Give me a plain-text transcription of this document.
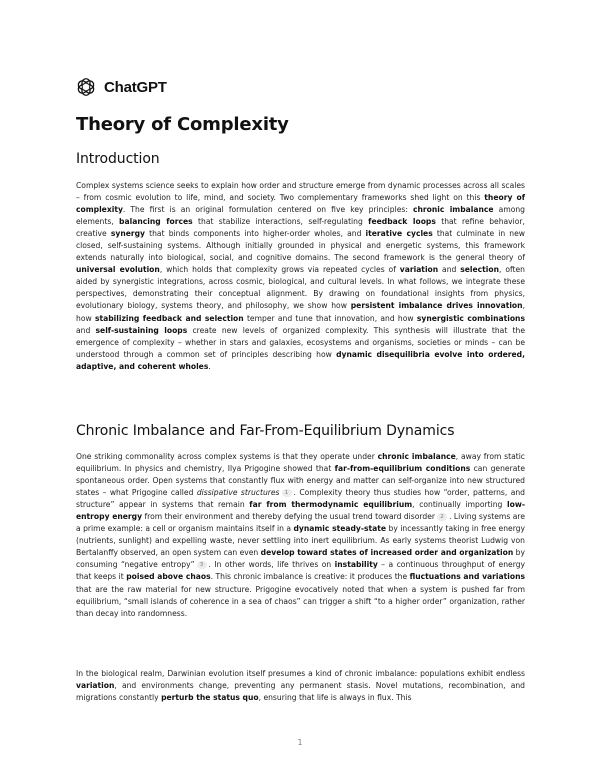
ChatGPT
Theory of Complexity
Introduction
Complex systems science seeks to explain how order and structure emerge from dynamic processes across all scales – from cosmic evolution to life, mind, and society. Two complementary frameworks shed light on this theory of complexity. The first is an original formulation centered on five key principles: chronic imbalance among elements, balancing forces that stabilize interactions, self-regulating feedback loops that refine behavior, creative synergy that binds components into higher-order wholes, and iterative cycles that culminate in new closed, self-sustaining systems. Although initially grounded in physical and energetic systems, this framework extends naturally into biological, social, and cognitive domains. The second framework is the general theory of universal evolution, which holds that complexity grows via repeated cycles of variation and selection, often aided by synergistic integrations, across cosmic, biological, and cultural levels. In what follows, we integrate these perspectives, demonstrating their conceptual alignment. By drawing on foundational insights from physics, evolutionary biology, systems theory, and philosophy, we show how persistent imbalance drives innovation, how stabilizing feedback and selection temper and tune that innovation, and how synergistic combinations and self-sustaining loops create new levels of organized complexity. This synthesis will illustrate that the emergence of complexity – whether in stars and galaxies, ecosystems and organisms, societies or minds – can be understood through a common set of principles describing how dynamic disequilibria evolve into ordered, adaptive, and coherent wholes.
Chronic Imbalance and Far-From-Equilibrium Dynamics
One striking commonality across complex systems is that they operate under chronic imbalance, away from static equilibrium. In physics and chemistry, Ilya Prigogine showed that far-from-equilibrium conditions can generate spontaneous order. Open systems that constantly flux with energy and matter can self-organize into new structured states – what Prigogine called dissipative structures 1 . Complexity theory thus studies how “order, patterns, and structure” appear in systems that remain far from thermodynamic equilibrium, continually importing low-entropy energy from their environment and thereby defying the usual trend toward disorder 2 . Living systems are a prime example: a cell or organism maintains itself in a dynamic steady-state by incessantly taking in free energy (nutrients, sunlight) and expelling waste, never settling into inert equilibrium. As early systems theorist Ludwig von Bertalanffy observed, an open system can even develop toward states of increased order and organization by consuming “negative entropy” 3 . In other words, life thrives on instability – a continuous throughput of energy that keeps it poised above chaos. This chronic imbalance is creative: it produces the fluctuations and variations that are the raw material for new structure. Prigogine evocatively noted that when a system is pushed far from equilibrium, “small islands of coherence in a sea of chaos” can trigger a shift “to a higher order” organization, rather than decay into randomness.
In the biological realm, Darwinian evolution itself presumes a kind of chronic imbalance: populations exhibit endless variation, and environments change, preventing any permanent stasis. Novel mutations, recombination, and migrations constantly perturb the status quo, ensuring that life is always in flux. This
1
